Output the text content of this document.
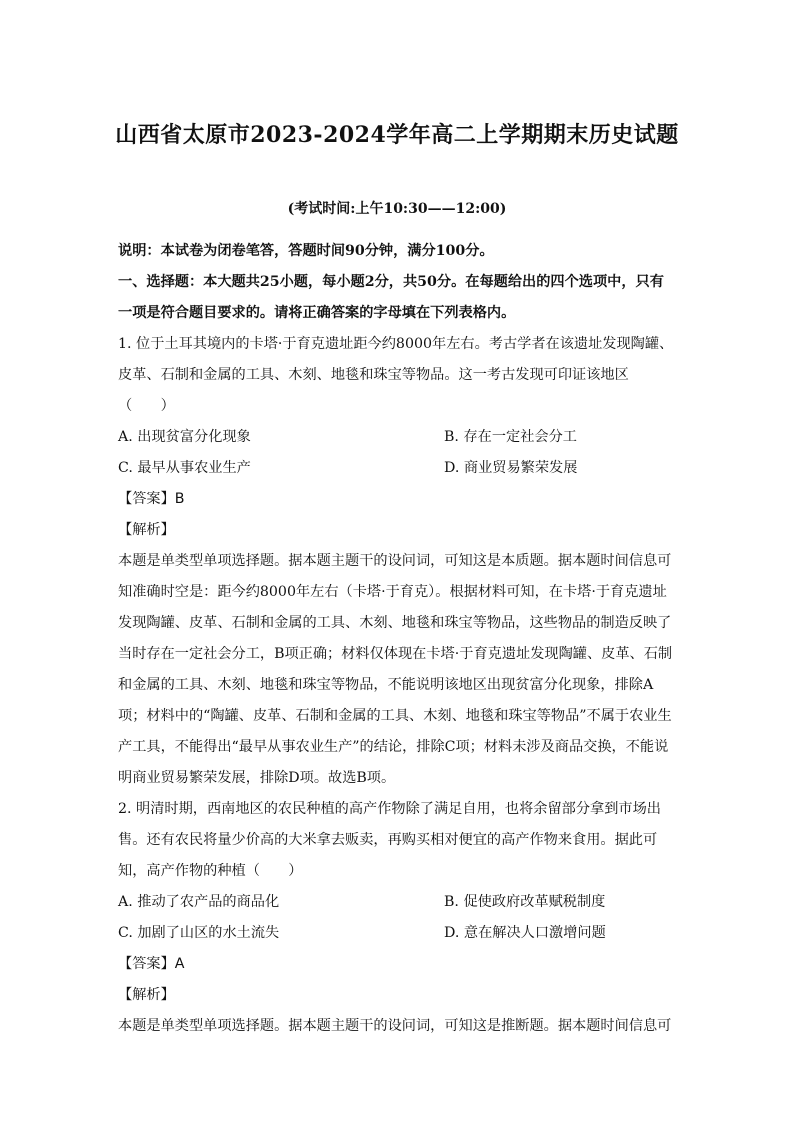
山西省太原市2023-2024学年高二上学期期末历史试题
(考试时间:上午10:30——12:00)

说明：本试卷为闭卷笔答，答题时间90分钟，满分100分。

一、选择题：本大题共25小题，每小题2分，共50分。在每题给出的四个选项中，只有一项是符合题目要求的。请将正确答案的字母填在下列表格内。

1. 位于土耳其境内的卡塔·于育克遗址距今约8000年左右。考古学者在该遗址发现陶罐、皮革、石制和金属的工具、木刻、地毯和珠宝等物品。这一考古发现可印证该地区（　　）

A. 出现贫富分化现象	B. 存在一定社会分工
C. 最早从事农业生产	D. 商业贸易繁荣发展

【答案】B

【解析】

本题是单类型单项选择题。据本题主题干的设问词，可知这是本质题。据本题时间信息可知准确时空是：距今约8000年左右（卡塔·于育克）。根据材料可知，在卡塔·于育克遗址发现陶罐、皮革、石制和金属的工具、木刻、地毯和珠宝等物品，这些物品的制造反映了当时存在一定社会分工，B项正确；材料仅体现在卡塔·于育克遗址发现陶罐、皮革、石制和金属的工具、木刻、地毯和珠宝等物品，不能说明该地区出现贫富分化现象，排除A项；材料中的“陶罐、皮革、石制和金属的工具、木刻、地毯和珠宝等物品”不属于农业生产工具，不能得出“最早从事农业生产”的结论，排除C项；材料未涉及商品交换，不能说明商业贸易繁荣发展，排除D项。故选B项。

2. 明清时期，西南地区的农民种植的高产作物除了满足自用，也将余留部分拿到市场出售。还有农民将量少价高的大米拿去贩卖，再购买相对便宜的高产作物来食用。据此可知，高产作物的种植（　　）

A. 推动了农产品的商品化	B. 促使政府改革赋税制度
C. 加剧了山区的水土流失	D. 意在解决人口激增问题

【答案】A

【解析】

本题是单类型单项选择题。据本题主题干的设问词，可知这是推断题。据本题时间信息可
